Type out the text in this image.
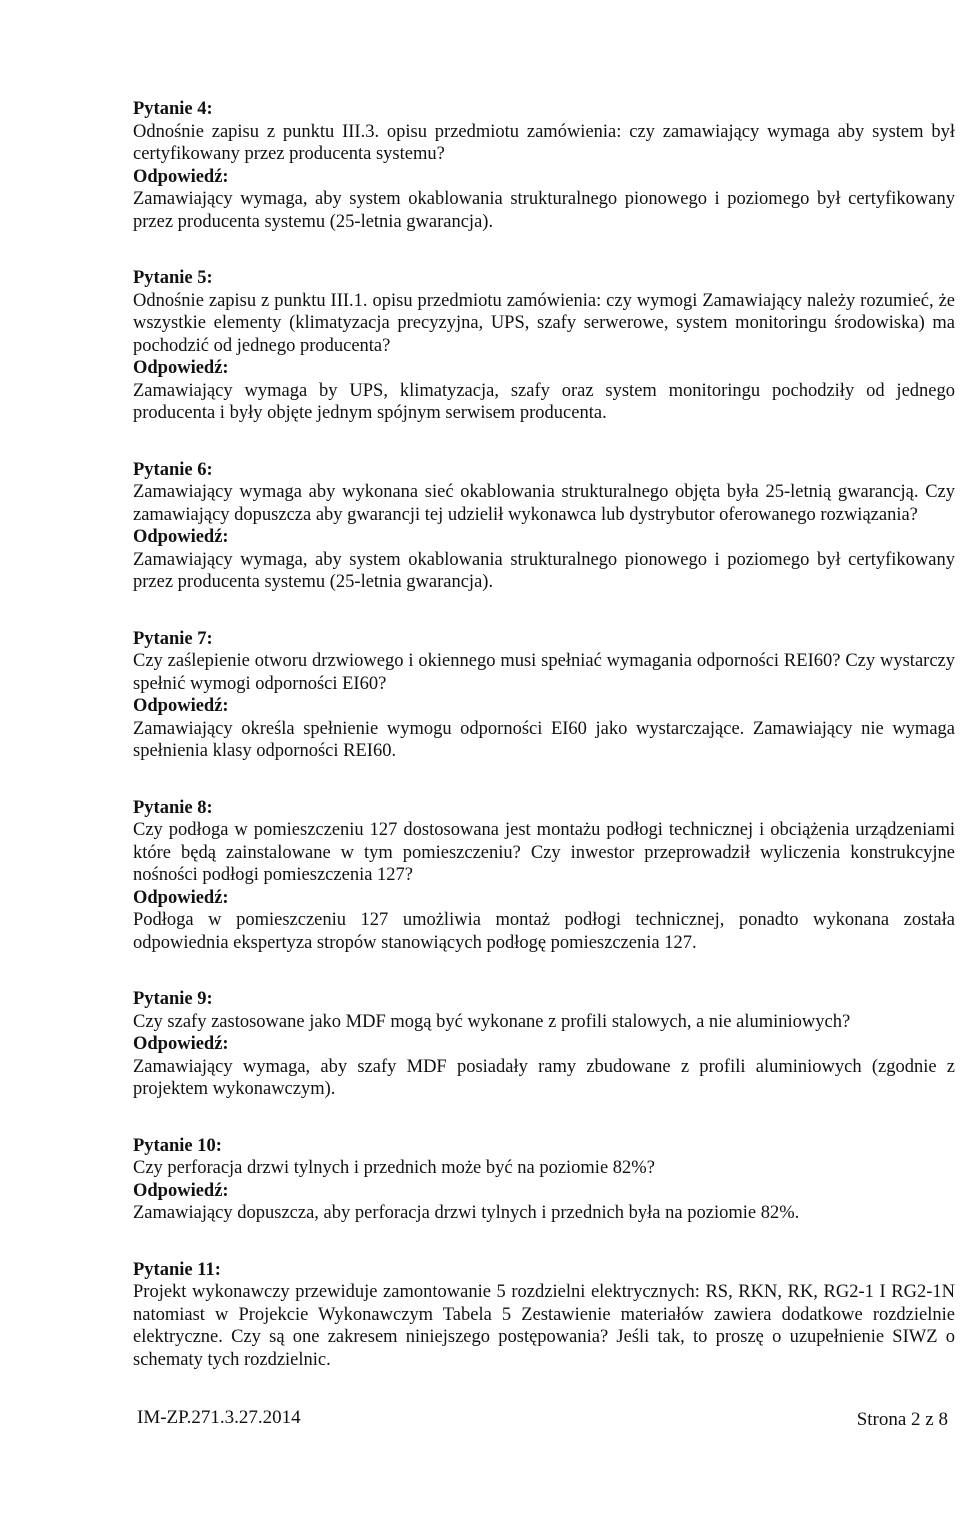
Pytanie 4:

Odnośnie zapisu z punktu III.3. opisu przedmiotu zamówienia: czy zamawiający wymaga aby system był certyfikowany przez producenta systemu?

Odpowiedź:

Zamawiający wymaga, aby system okablowania strukturalnego pionowego i poziomego był certyfikowany przez producenta systemu (25-letnia gwarancja).

Pytanie 5:

Odnośnie zapisu z punktu III.1. opisu przedmiotu zamówienia: czy wymogi Zamawiający należy rozumieć, że wszystkie elementy (klimatyzacja precyzyjna, UPS, szafy serwerowe, system monitoringu środowiska) ma pochodzić od jednego producenta?

Odpowiedź:

Zamawiający wymaga by UPS, klimatyzacja, szafy oraz system monitoringu pochodziły od jednego producenta i były objęte jednym spójnym serwisem producenta.

Pytanie 6:

Zamawiający wymaga aby wykonana sieć okablowania strukturalnego objęta była 25-letnią gwarancją. Czy zamawiający dopuszcza aby gwarancji tej udzielił wykonawca lub dystrybutor oferowanego rozwiązania?

Odpowiedź:

Zamawiający wymaga, aby system okablowania strukturalnego pionowego i poziomego był certyfikowany przez producenta systemu (25-letnia gwarancja).

Pytanie 7:

Czy zaślepienie otworu drzwiowego i okiennego musi spełniać wymagania odporności REI60? Czy wystarczy spełnić wymogi odporności EI60?

Odpowiedź:

Zamawiający określa spełnienie wymogu odporności EI60 jako wystarczające. Zamawiający nie wymaga spełnienia klasy odporności REI60.

Pytanie 8:

Czy podłoga w pomieszczeniu 127 dostosowana jest montażu podłogi technicznej i obciążenia urządzeniami które będą zainstalowane w tym pomieszczeniu? Czy inwestor przeprowadził wyliczenia konstrukcyjne nośności podłogi pomieszczenia 127?

Odpowiedź:

Podłoga w pomieszczeniu 127 umożliwia montaż podłogi technicznej, ponadto wykonana została odpowiednia ekspertyza stropów stanowiących podłogę pomieszczenia 127.

Pytanie 9:

Czy szafy zastosowane jako MDF mogą być wykonane z profili stalowych, a nie aluminiowych?

Odpowiedź:

Zamawiający wymaga, aby szafy MDF posiadały ramy zbudowane z profili aluminiowych (zgodnie z projektem wykonawczym).

Pytanie 10:

Czy perforacja drzwi tylnych i przednich może być na poziomie 82%?

Odpowiedź:

Zamawiający dopuszcza, aby perforacja drzwi tylnych i przednich była na poziomie 82%.

Pytanie 11:

Projekt wykonawczy przewiduje zamontowanie 5 rozdzielni elektrycznych: RS, RKN, RK, RG2-1 I RG2-1N natomiast w Projekcie Wykonawczym Tabela 5 Zestawienie materiałów zawiera dodatkowe rozdzielnie elektryczne. Czy są one zakresem niniejszego postępowania? Jeśli tak, to proszę o uzupełnienie SIWZ o schematy tych rozdzielnic.

IM-ZP.271.3.27.2014	Strona 2 z 8
